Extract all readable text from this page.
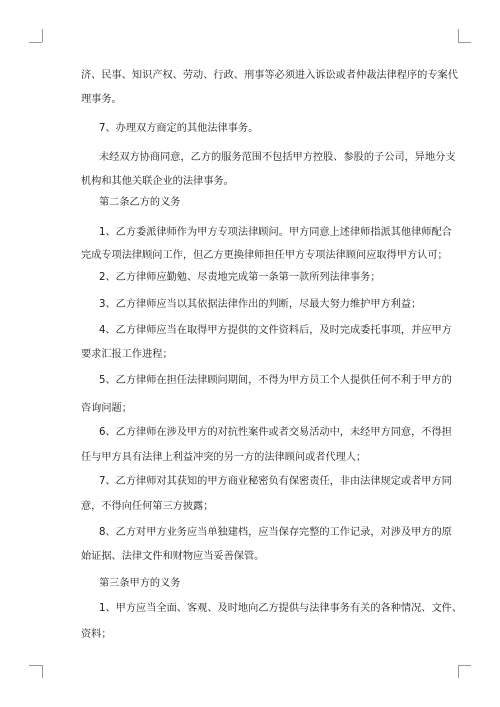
济、民事、知识产权、劳动、行政、刑事等必须进入诉讼或者仲裁法律程序的专案代
理事务。
7、办理双方商定的其他法律事务。
未经双方协商同意，乙方的服务范围不包括甲方控股、参股的子公司，异地分支
机构和其他关联企业的法律事务。
第二条乙方的义务
1、乙方委派律师作为甲方专项法律顾问。甲方同意上述律师指派其他律师配合
完成专项法律顾问工作，但乙方更换律师担任甲方专项法律顾问应取得甲方认可；
2、乙方律师应勤勉、尽责地完成第一条第一款所列法律事务；
3、乙方律师应当以其依据法律作出的判断，尽最大努力维护甲方利益；
4、乙方律师应当在取得甲方提供的文件资料后，及时完成委托事项，并应甲方
要求汇报工作进程；
5、乙方律师在担任法律顾问期间，不得为甲方员工个人提供任何不利于甲方的
咨询问题；
6、乙方律师在涉及甲方的对抗性案件或者交易活动中，未经甲方同意，不得担
任与甲方具有法律上利益冲突的另一方的法律顾问或者代理人；
7、乙方律师对其获知的甲方商业秘密负有保密责任，非由法律规定或者甲方同
意，不得向任何第三方披露；
8、乙方对甲方业务应当单独建档，应当保存完整的工作记录，对涉及甲方的原
始证据、法律文件和财物应当妥善保管。
第三条甲方的义务
1、甲方应当全面、客观、及时地向乙方提供与法律事务有关的各种情况、文件、
资料；
